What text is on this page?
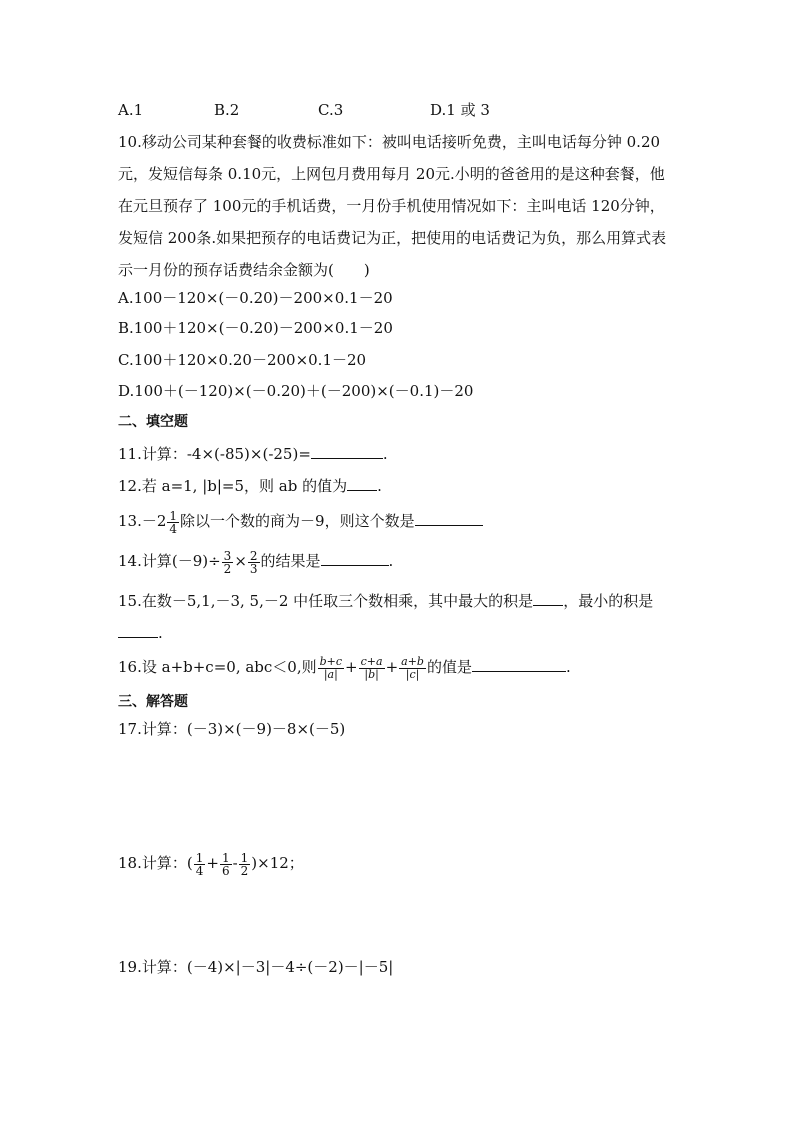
A.1	B.2	C.3	D.1 或 3
10.移动公司某种套餐的收费标准如下：被叫电话接听免费，主叫电话每分钟 0.20
元，发短信每条 0.10元，上网包月费用每月 20元.小明的爸爸用的是这种套餐，他
在元旦预存了 100元的手机话费，一月份手机使用情况如下：主叫电话 120分钟，
发短信 200条.如果把预存的电话费记为正，把使用的电话费记为负，那么用算式表
示一月份的预存话费结余金额为(　　)
A.100－120×(－0.20)－200×0.1－20
B.100＋120×(－0.20)－200×0.1－20
C.100＋120×0.20－200×0.1－20
D.100＋(－120)×(－0.20)＋(－200)×(－0.1)－20
二、填空题
11.计算：-4×(-85)×(-25)=	.
12.若 a=1, |b|=5，则 ab 的值为 .
$13.-2 \frac{1}{4}$ 除以一个数的商为－9，则这个数是
14.计算$(-9)\div \frac{3}{2} \times \frac{2}{3}$ 的结果是	.
15.在数－5,1,－3, 5,－2 中任取三个数相乘，其中最大的积是 ，最小的积是
.
16.设 a+b+c=0, abc＜0,则 $\frac{b+c}{|a|} + \frac{c+a}{|b|} + \frac{a+b}{|c|}$ 的值是	.
三、解答题
17.计算：(－3)×(－9)－8×(－5)
18.计算：( $\frac{1}{4} + \frac{1}{6} - \frac{1}{2} )\times 12$；
19.计算：(－4)×|－3|－4÷(－2)－|－5|
